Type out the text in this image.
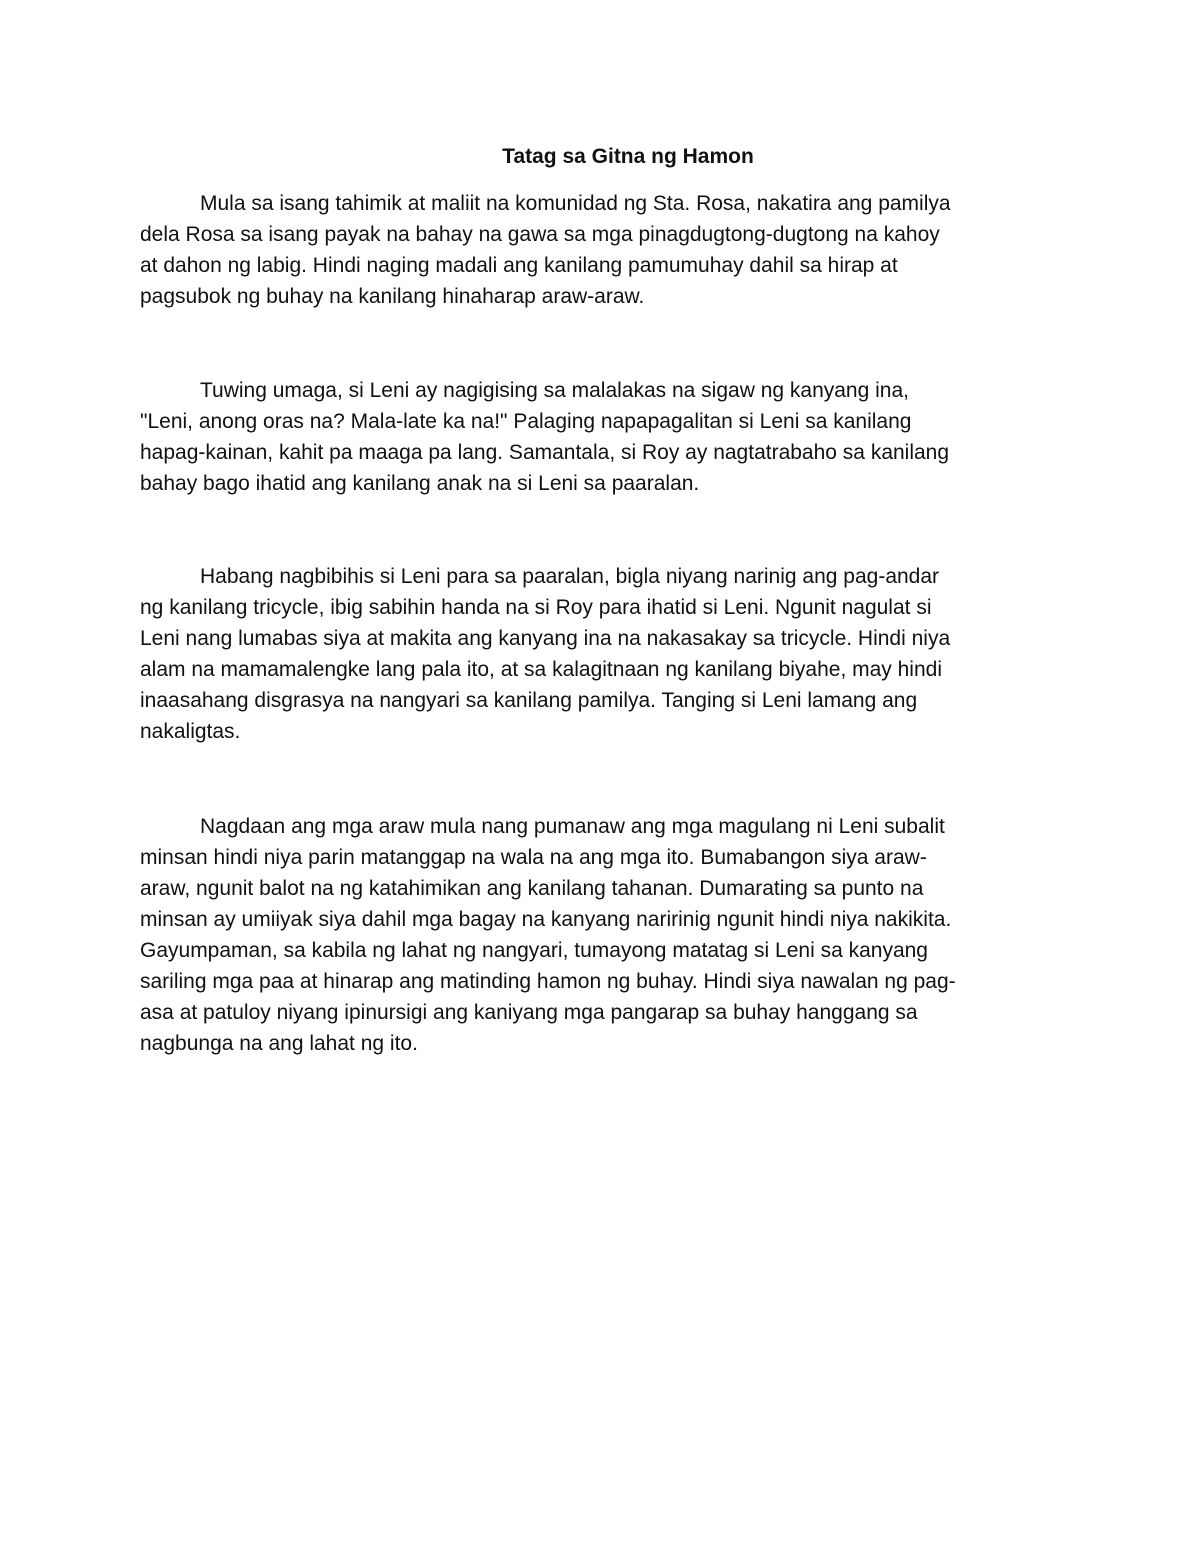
Tatag sa Gitna ng Hamon

Mula sa isang tahimik at maliit na komunidad ng Sta. Rosa, nakatira ang pamilya
dela Rosa sa isang payak na bahay na gawa sa mga pinagdugtong-dugtong na kahoy
at dahon ng labig. Hindi naging madali ang kanilang pamumuhay dahil sa hirap at
pagsubok ng buhay na kanilang hinaharap araw-araw.

Tuwing umaga, si Leni ay nagigising sa malalakas na sigaw ng kanyang ina,
"Leni, anong oras na? Mala-late ka na!" Palaging napapagalitan si Leni sa kanilang
hapag-kainan, kahit pa maaga pa lang. Samantala, si Roy ay nagtatrabaho sa kanilang
bahay bago ihatid ang kanilang anak na si Leni sa paaralan.

Habang nagbibihis si Leni para sa paaralan, bigla niyang narinig ang pag-andar
ng kanilang tricycle, ibig sabihin handa na si Roy para ihatid si Leni. Ngunit nagulat si
Leni nang lumabas siya at makita ang kanyang ina na nakasakay sa tricycle. Hindi niya
alam na mamamalengke lang pala ito, at sa kalagitnaan ng kanilang biyahe, may hindi
inaasahang disgrasya na nangyari sa kanilang pamilya. Tanging si Leni lamang ang
nakaligtas.

Nagdaan ang mga araw mula nang pumanaw ang mga magulang ni Leni subalit
minsan hindi niya parin matanggap na wala na ang mga ito. Bumabangon siya araw-
araw, ngunit balot na ng katahimikan ang kanilang tahanan. Dumarating sa punto na
minsan ay umiiyak siya dahil mga bagay na kanyang naririnig ngunit hindi niya nakikita.
Gayumpaman, sa kabila ng lahat ng nangyari, tumayong matatag si Leni sa kanyang
sariling mga paa at hinarap ang matinding hamon ng buhay. Hindi siya nawalan ng pag-
asa at patuloy niyang ipinursigi ang kaniyang mga pangarap sa buhay hanggang sa
nagbunga na ang lahat ng ito.
